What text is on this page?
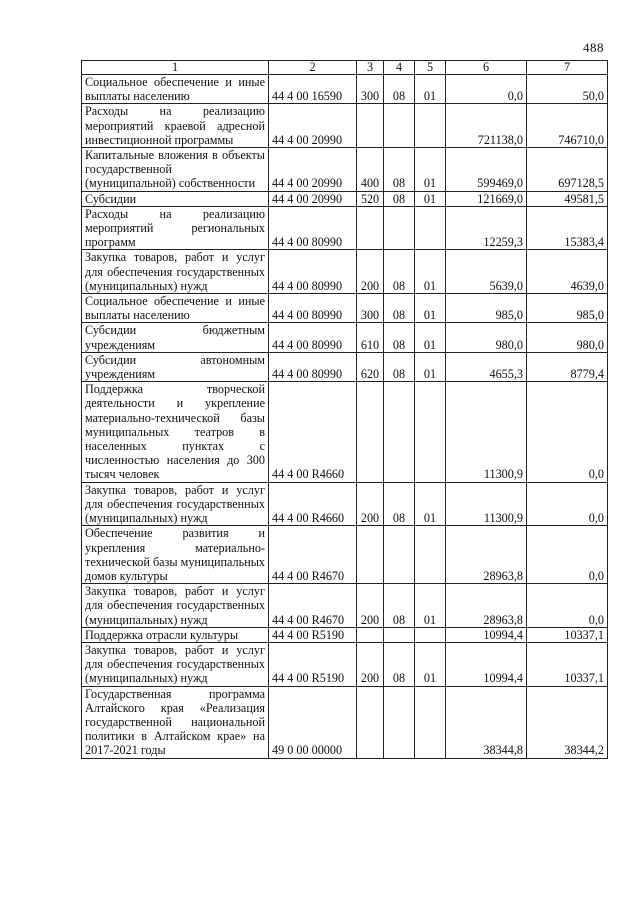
488
1	2	3	4	5	6	7
Социальное обеспечение и иные выплаты населению	44 4 00 16590	300	08	01	0,0	50,0
Расходы на реализацию мероприятий краевой адресной инвестиционной программы	44 4 00 20990				721138,0	746710,0
Капитальные вложения в объекты государственной (муниципальной) собственности	44 4 00 20990	400	08	01	599469,0	697128,5
Субсидии	44 4 00 20990	520	08	01	121669,0	49581,5
Расходы на реализацию мероприятий региональных программ	44 4 00 80990				12259,3	15383,4
Закупка товаров, работ и услуг для обеспечения государственных (муниципальных) нужд	44 4 00 80990	200	08	01	5639,0	4639,0
Социальное обеспечение и иные выплаты населению	44 4 00 80990	300	08	01	985,0	985,0
Субсидии бюджетным учреждениям	44 4 00 80990	610	08	01	980,0	980,0
Субсидии автономным учреждениям	44 4 00 80990	620	08	01	4655,3	8779,4
Поддержка творческой деятельности и укрепление материально-технической базы муниципальных театров в населенных пунктах с численностью населения до 300 тысяч человек	44 4 00 R4660				11300,9	0,0
Закупка товаров, работ и услуг для обеспечения государственных (муниципальных) нужд	44 4 00 R4660	200	08	01	11300,9	0,0
Обеспечение развития и укрепления материально-технической базы муниципальных домов культуры	44 4 00 R4670				28963,8	0,0
Закупка товаров, работ и услуг для обеспечения государственных (муниципальных) нужд	44 4 00 R4670	200	08	01	28963,8	0,0
Поддержка отрасли культуры	44 4 00 R5190				10994,4	10337,1
Закупка товаров, работ и услуг для обеспечения государственных (муниципальных) нужд	44 4 00 R5190	200	08	01	10994,4	10337,1
Государственная программа Алтайского края «Реализация государственной национальной политики в Алтайском крае» на 2017-2021 годы	49 0 00 00000				38344,8	38344,2
